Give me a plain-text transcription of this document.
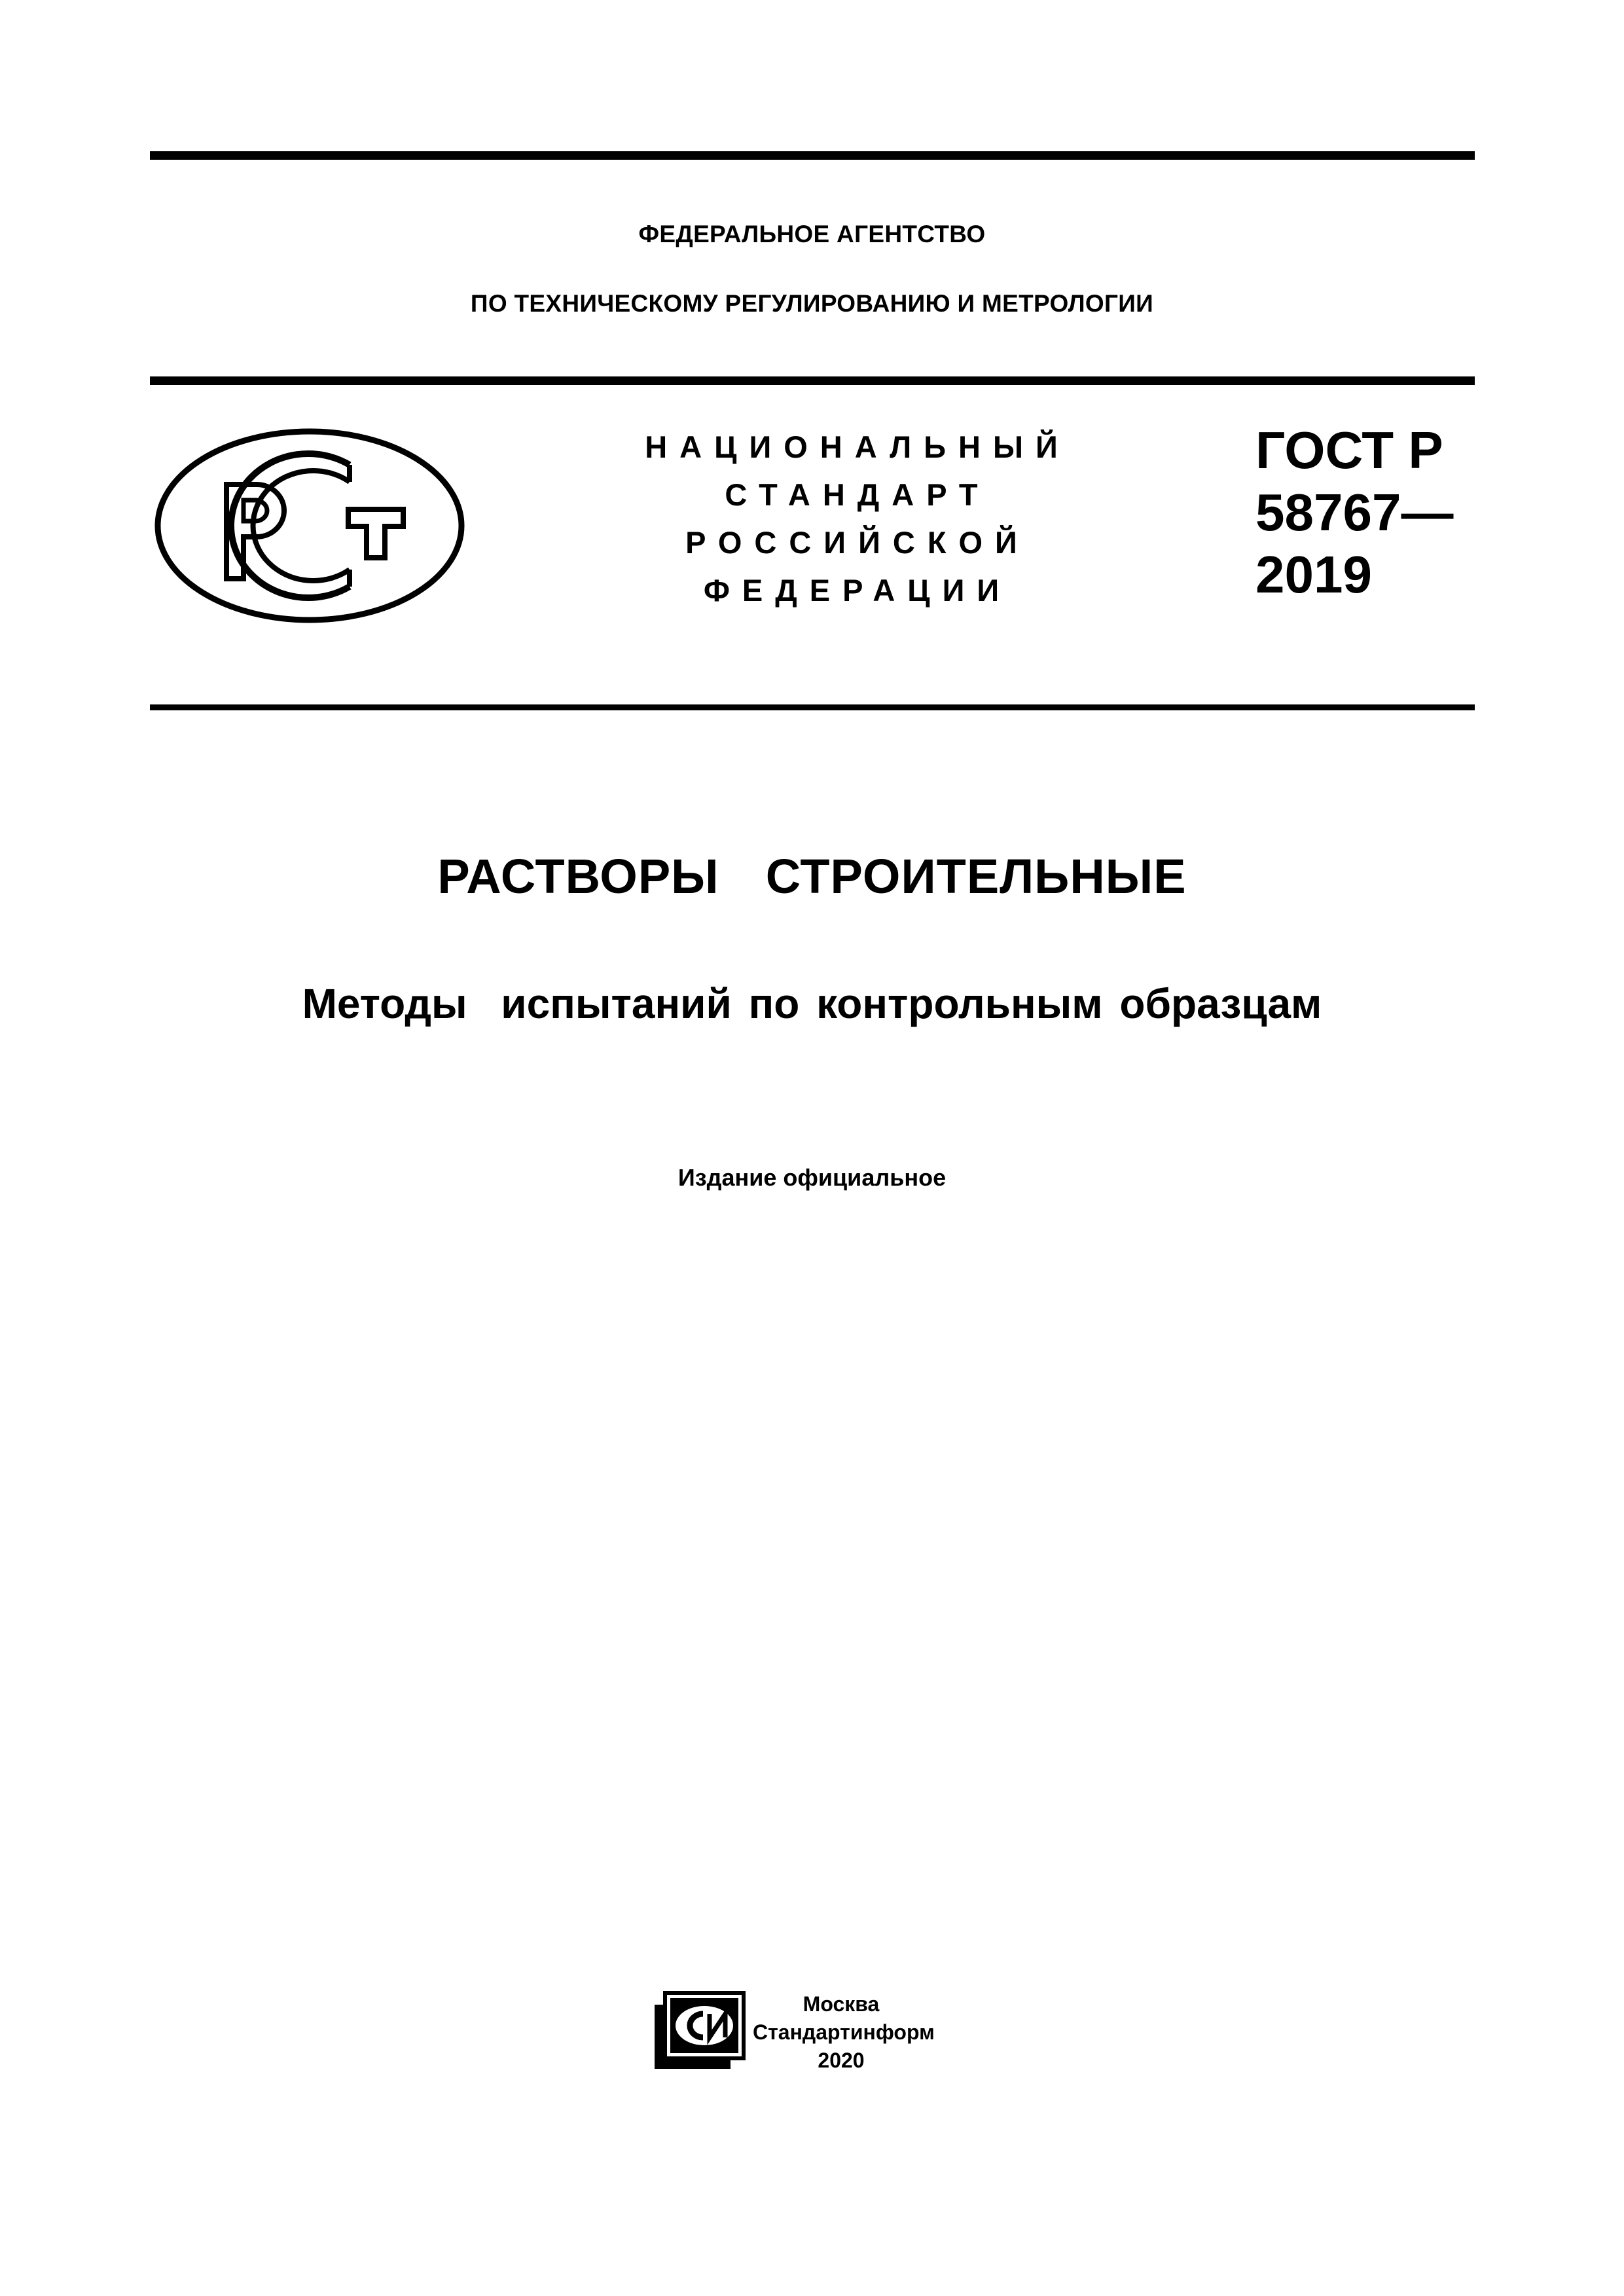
ФЕДЕРАЛЬНОЕ АГЕНТСТВО
ПО ТЕХНИЧЕСКОМУ РЕГУЛИРОВАНИЮ И МЕТРОЛОГИИ
НАЦИОНАЛЬНЫЙ
СТАНДАРТ
РОССИЙСКОЙ
ФЕДЕРАЦИИ
ГОСТ Р
58767—
2019
РАСТВОРЫ  СТРОИТЕЛЬНЫЕ
Методы  испытаний по контрольным образцам
Издание официальное
Москва
Стандартинформ
2020
